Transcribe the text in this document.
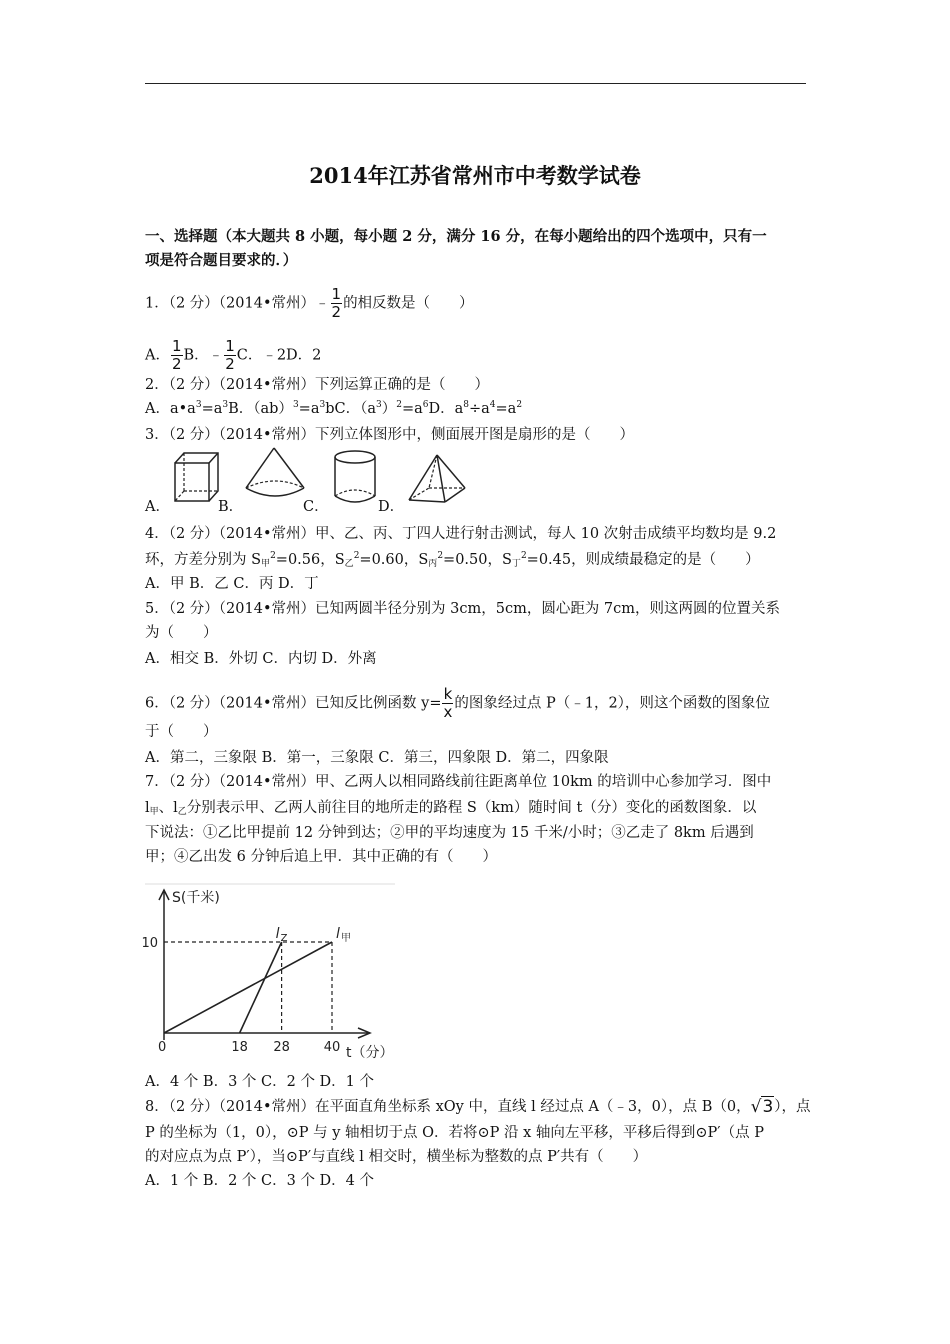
2014年江苏省常州市中考数学试卷
一、选择题（本大题共 8 小题，每小题 2 分，满分 16 分，在每小题给出的四个选项中，只有一
项是符合题目要求的．）
1．（2 分）（2014•常州）﹣ $\frac{1}{2}$ 的相反数是（　　）
A． $\frac{1}{2}$ B．﹣ $\frac{1}{2}$ C．﹣2D．2
2．（2 分）（2014•常州）下列运算正确的是（　　）
A．$a•a^3=a^3B$．$(ab)^3=a^3bC$．$(a^3)^2=a^6D$．$a^8\div a^4=a^2$
3．（2 分）（2014•常州）下列立体图形中，侧面展开图是扇形的是（　　）
A．	B．	C．	D．
4．（2 分）（2014•常州）甲、乙、丙、丁四人进行射击测试，每人 10 次射击成绩平均数均是 9.2
环，方差分别为 $S_甲^2=0.56$，$S_乙^2=0.60$，$S_丙^2=0.50$，$S_丁^2=0.45$，则成绩最稳定的是（　　）
A．甲 B．乙 C．丙 D．丁
5．（2 分）（2014•常州）已知两圆半径分别为 3cm，5cm，圆心距为 7cm，则这两圆的位置关系
为（　　）
A．相交 B．外切 C．内切 D．外离
6．（2 分）（2014•常州）已知反比例函数 $y= \frac{k}{x}$ 的图象经过点 P（﹣1，2），则这个函数的图象位
于（　　）
A．第二，三象限 B．第一，三象限 C．第三，四象限 D．第二，四象限
7．（2 分）（2014•常州）甲、乙两人以相同路线前往距离单位 10km 的培训中心参加学习．图中
$l_甲$、$l_乙$分别表示甲、乙两人前往目的地所走的路程 S（km）随时间 t（分）变化的函数图象．以
下说法：①乙比甲提前 12 分钟到达；②甲的平均速度为 15 千米/小时；③乙走了 8km 后遇到
甲；④乙出发 6 分钟后追上甲．其中正确的有（　　）
S(千米)
t（分）
0
l 甲
l Z
18 28	40
10
A．4 个 B．3 个 C．2 个 D．1 个
8．（2 分）（2014•常州）在平面直角坐标系 xOy 中，直线 l 经过点 A（﹣3，0），点 B（0，√3），点
P 的坐标为（1，0），⊙P 与 y 轴相切于点 O．若将⊙P 沿 x 轴向左平移，平移后得到⊙P′（点 P
的对应点为点 P′），当⊙P′与直线 l 相交时，横坐标为整数的点 P′共有（　　）
A．1 个 B．2 个 C．3 个 D．4 个
